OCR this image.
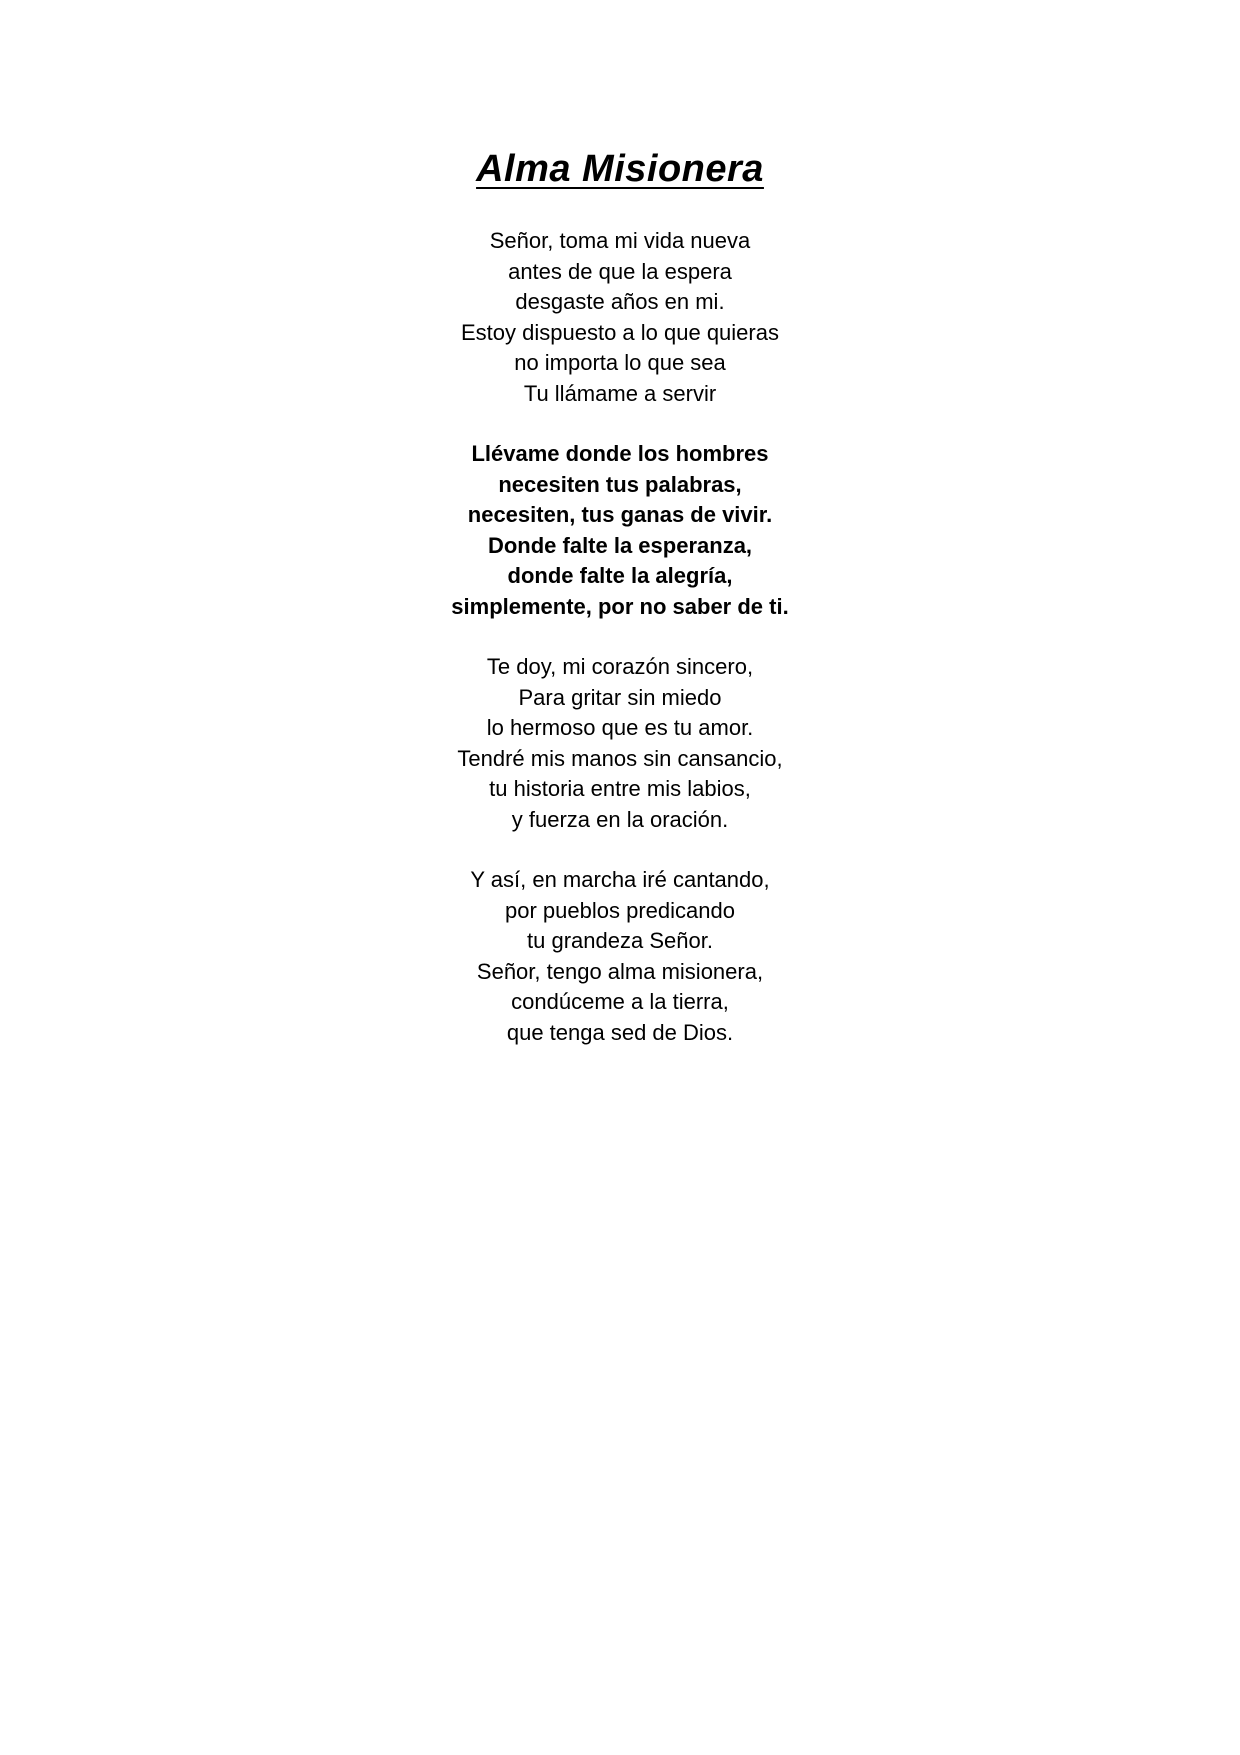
Alma Misionera
Señor, toma mi vida nueva
antes de que la espera
desgaste años en mi.
Estoy dispuesto a lo que quieras
no importa lo que sea
Tu llámame a servir
Llévame donde los hombres
necesiten tus palabras,
necesiten, tus ganas de vivir.
Donde falte la esperanza,
donde falte la alegría,
simplemente, por no saber de ti.
Te doy, mi corazón sincero,
Para gritar sin miedo
lo hermoso que es tu amor.
Tendré mis manos sin cansancio,
tu historia entre mis labios,
y fuerza en la oración.
Y así, en marcha iré cantando,
por pueblos predicando
tu grandeza Señor.
Señor, tengo alma misionera,
condúceme a la tierra,
que tenga sed de Dios.
